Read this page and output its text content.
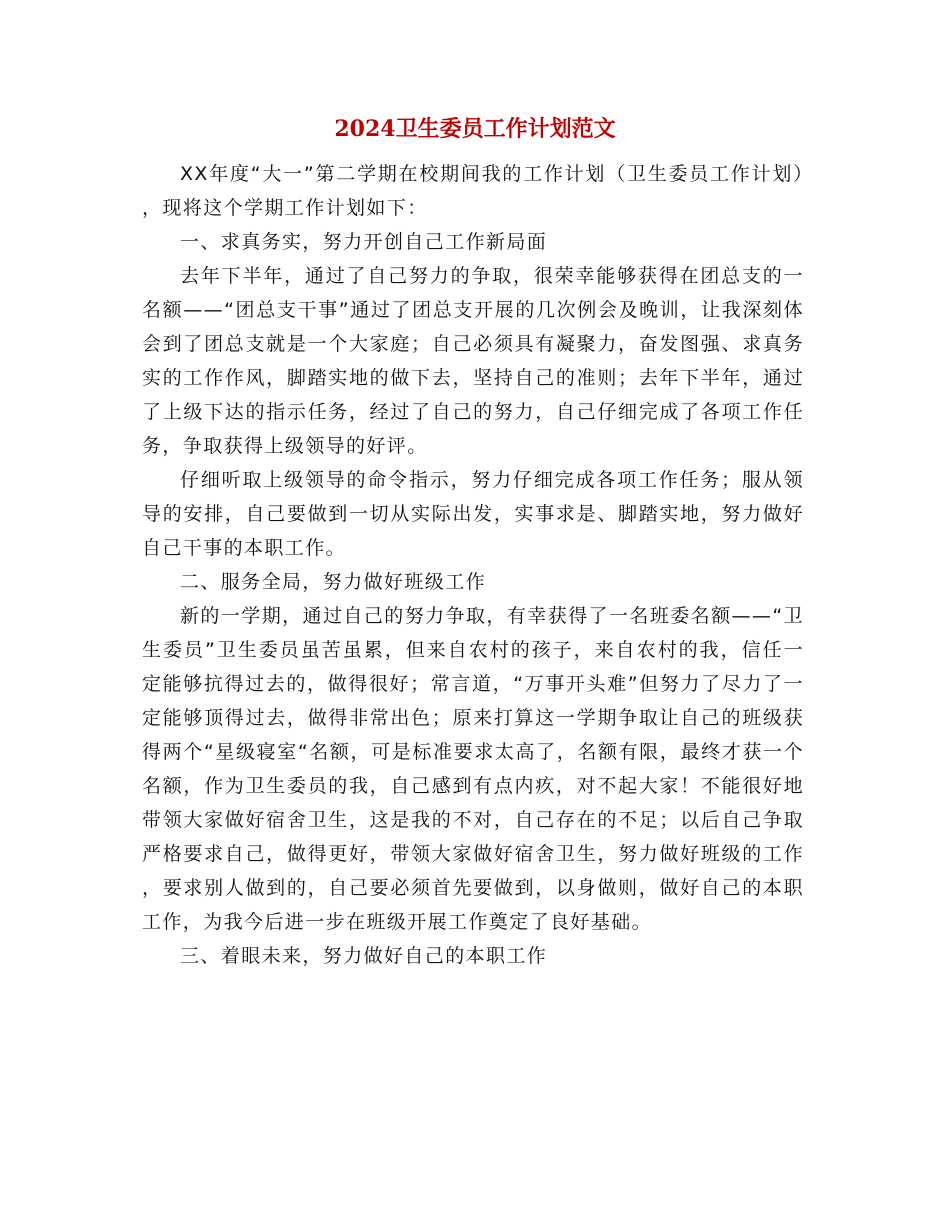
2024卫生委员工作计划范文

XX年度“大一”第二学期在校期间我的工作计划（卫生委员工作计划），现将这个学期工作计划如下：

一、求真务实，努力开创自己工作新局面

去年下半年，通过了自己努力的争取，很荣幸能够获得在团总支的一名额——“团总支干事”通过了团总支开展的几次例会及晚训，让我深刻体会到了团总支就是一个大家庭；自己必须具有凝聚力，奋发图强、求真务实的工作作风，脚踏实地的做下去，坚持自己的准则；去年下半年，通过了上级下达的指示任务，经过了自己的努力，自己仔细完成了各项工作任务，争取获得上级领导的好评。

仔细听取上级领导的命令指示，努力仔细完成各项工作任务；服从领导的安排，自己要做到一切从实际出发，实事求是、脚踏实地，努力做好自己干事的本职工作。

二、服务全局，努力做好班级工作

新的一学期，通过自己的努力争取，有幸获得了一名班委名额——“卫生委员”卫生委员虽苦虽累，但来自农村的孩子，来自农村的我，信任一定能够抗得过去的，做得很好；常言道，“万事开头难”但努力了尽力了一定能够顶得过去，做得非常出色；原来打算这一学期争取让自己的班级获得两个“星级寝室“名额，可是标准要求太高了，名额有限，最终才获一个名额，作为卫生委员的我，自己感到有点内疚，对不起大家！不能很好地带领大家做好宿舍卫生，这是我的不对，自己存在的不足；以后自己争取严格要求自己，做得更好，带领大家做好宿舍卫生，努力做好班级的工作，要求别人做到的，自己要必须首先要做到，以身做则，做好自己的本职工作，为我今后进一步在班级开展工作奠定了良好基础。

三、着眼未来，努力做好自己的本职工作
